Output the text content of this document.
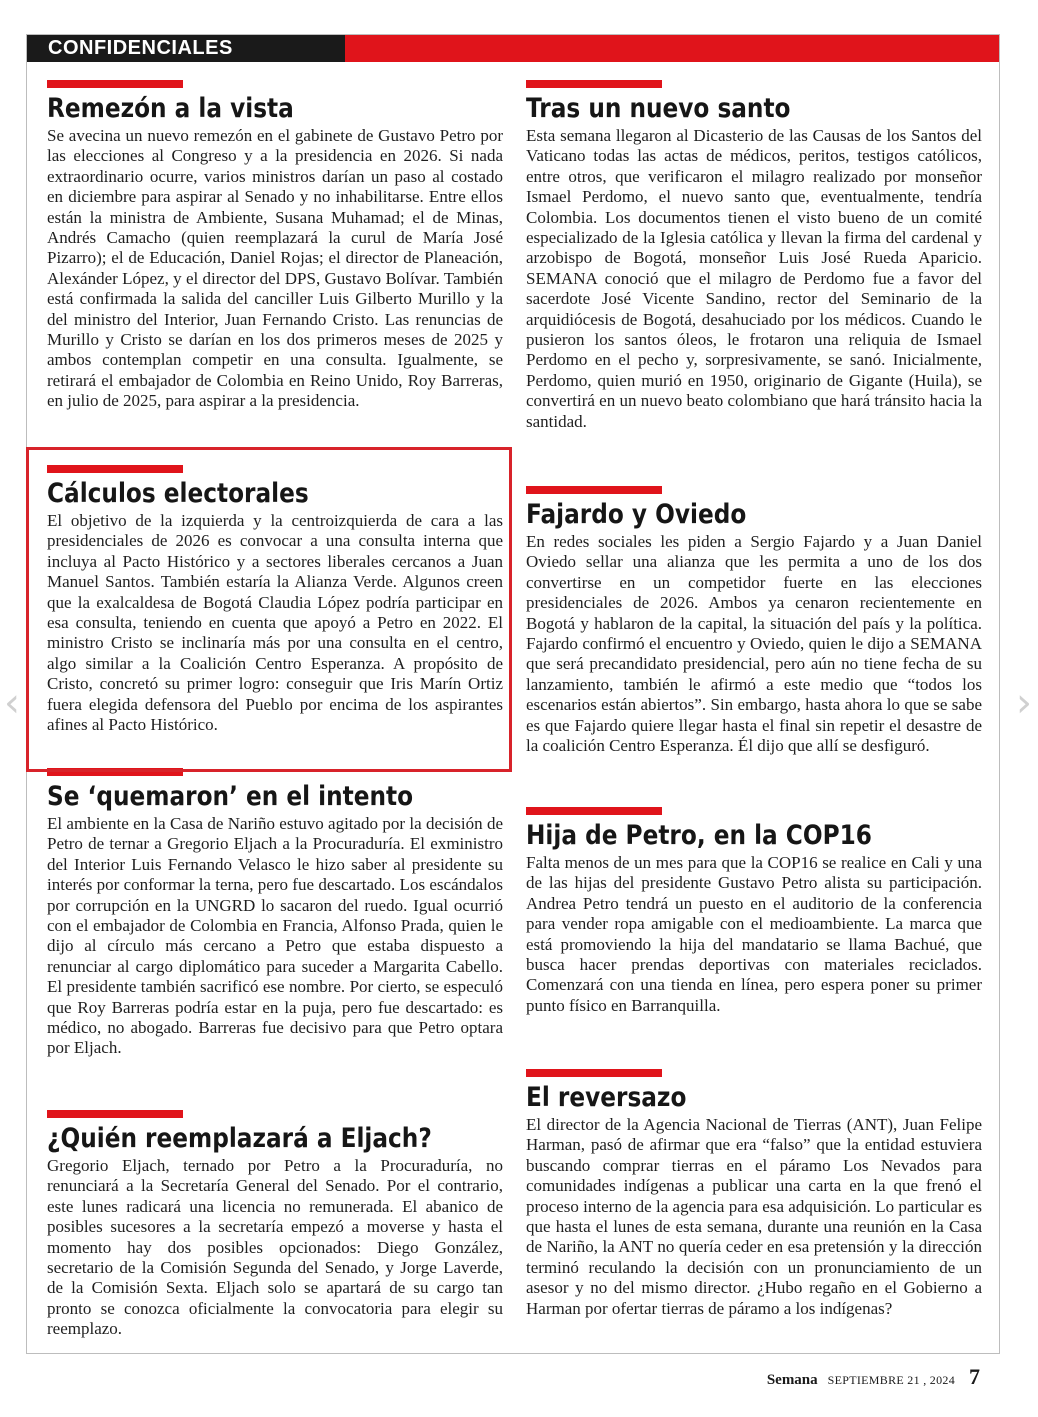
CONFIDENCIALES
Remezón a la vista

Se avecina un nuevo remezón en el gabinete de Gustavo Petro por las elecciones al Congreso y a la presidencia en 2026. Si nada extraordinario ocurre, varios ministros darían un paso al costado en diciembre para aspirar al Senado y no inhabilitarse. Entre ellos están la ministra de Ambiente, Susana Muhamad; el de Minas, Andrés Camacho (quien reemplazará la curul de María José Pizarro); el de Educación, Daniel Rojas; el director de Planeación, Alexánder López, y el director del DPS, Gustavo Bolívar. También está confirmada la salida del canciller Luis Gilberto Murillo y la del ministro del Interior, Juan Fernando Cristo. Las renuncias de Murillo y Cristo se darían en los dos primeros meses de 2025 y ambos contemplan competir en una consulta. Igualmente, se retirará el embajador de Colombia en Reino Unido, Roy Barreras, en julio de 2025, para aspirar a la presidencia.

Cálculos electorales

El objetivo de la izquierda y la centroizquierda de cara a las presidenciales de 2026 es convocar a una consulta interna que incluya al Pacto Histórico y a sectores liberales cercanos a Juan Manuel Santos. También estaría la Alianza Verde. Algunos creen que la exalcaldesa de Bogotá Claudia López podría participar en esa consulta, teniendo en cuenta que apoyó a Petro en 2022. El ministro Cristo se inclinaría más por una consulta en el centro, algo similar a la Coalición Centro Esperanza. A propósito de Cristo, concretó su primer logro: conseguir que Iris Marín Ortiz fuera elegida defensora del Pueblo por encima de los aspirantes afines al Pacto Histórico.

Se ‘quemaron’ en el intento

El ambiente en la Casa de Nariño estuvo agitado por la decisión de Petro de ternar a Gregorio Eljach a la Procuraduría. El exministro del Interior Luis Fernando Velasco le hizo saber al presidente su interés por conformar la terna, pero fue descartado. Los escándalos por corrupción en la UNGRD lo sacaron del ruedo. Igual ocurrió con el embajador de Colombia en Francia, Alfonso Prada, quien le dijo al círculo más cercano a Petro que estaba dispuesto a renunciar al cargo diplomático para suceder a Margarita Cabello. El presidente también sacrificó ese nombre. Por cierto, se especuló que Roy Barreras podría estar en la puja, pero fue descartado: es médico, no abogado. Barreras fue decisivo para que Petro optara por Eljach.

¿Quién reemplazará a Eljach?

Gregorio Eljach, ternado por Petro a la Procuraduría, no renunciará a la Secretaría General del Senado. Por el contrario, este lunes radicará una licencia no remunerada. El abanico de posibles sucesores a la secretaría empezó a moverse y hasta el momento hay dos posibles opcionados: Diego González, secretario de la Comisión Segunda del Senado, y Jorge Laverde, de la Comisión Sexta. Eljach solo se apartará de su cargo tan pronto se conozca oficialmente la convocatoria para elegir su reemplazo.

Tras un nuevo santo

Esta semana llegaron al Dicasterio de las Causas de los Santos del Vaticano todas las actas de médicos, peritos, testigos católicos, entre otros, que verificaron el milagro realizado por monseñor Ismael Perdomo, el nuevo santo que, eventualmente, tendría Colombia. Los documentos tienen el visto bueno de un comité especializado de la Iglesia católica y llevan la firma del cardenal y arzobispo de Bogotá, monseñor Luis José Rueda Aparicio. SEMANA conoció que el milagro de Perdomo fue a favor del sacerdote José Vicente Sandino, rector del Seminario de la arquidiócesis de Bogotá, desahuciado por los médicos. Cuando le pusieron los santos óleos, le frotaron una reliquia de Ismael Perdomo en el pecho y, sorpresivamente, se sanó. Inicialmente, Perdomo, quien murió en 1950, originario de Gigante (Huila), se convertirá en un nuevo beato colombiano que hará tránsito hacia la santidad.

Fajardo y Oviedo

En redes sociales les piden a Sergio Fajardo y a Juan Daniel Oviedo sellar una alianza que les permita a uno de los dos convertirse en un competidor fuerte en las elecciones presidenciales de 2026. Ambos ya cenaron recientemente en Bogotá y hablaron de la capital, la situación del país y la política. Fajardo confirmó el encuentro y Oviedo, quien le dijo a SEMANA que será precandidato presidencial, pero aún no tiene fecha de su lanzamiento, también le afirmó a este medio que “todos los escenarios están abiertos”. Sin embargo, hasta ahora lo que se sabe es que Fajardo quiere llegar hasta el final sin repetir el desastre de la coalición Centro Esperanza. Él dijo que allí se desfiguró.

Hija de Petro, en la COP16

Falta menos de un mes para que la COP16 se realice en Cali y una de las hijas del presidente Gustavo Petro alista su participación. Andrea Petro tendrá un puesto en el auditorio de la conferencia para vender ropa amigable con el medioambiente. La marca que está promoviendo la hija del mandatario se llama Bachué, que busca hacer prendas deportivas con materiales reciclados. Comenzará con una tienda en línea, pero espera poner su primer punto físico en Barranquilla.

El reversazo

El director de la Agencia Nacional de Tierras (ANT), Juan Felipe Harman, pasó de afirmar que era “falso” que la entidad estuviera buscando comprar tierras en el páramo Los Nevados para comunidades indígenas a publicar una carta en la que frenó el proceso interno de la agencia para esa adquisición. Lo particular es que hasta el lunes de esta semana, durante una reunión en la Casa de Nariño, la ANT no quería ceder en esa pretensión y la dirección terminó reculando la decisión con un pronunciamiento de un asesor y no del mismo director. ¿Hubo regaño en el Gobierno a Harman por ofertar tierras de páramo a los indígenas?

‹	›
Semana SEPTIEMBRE 21 , 2024 7
